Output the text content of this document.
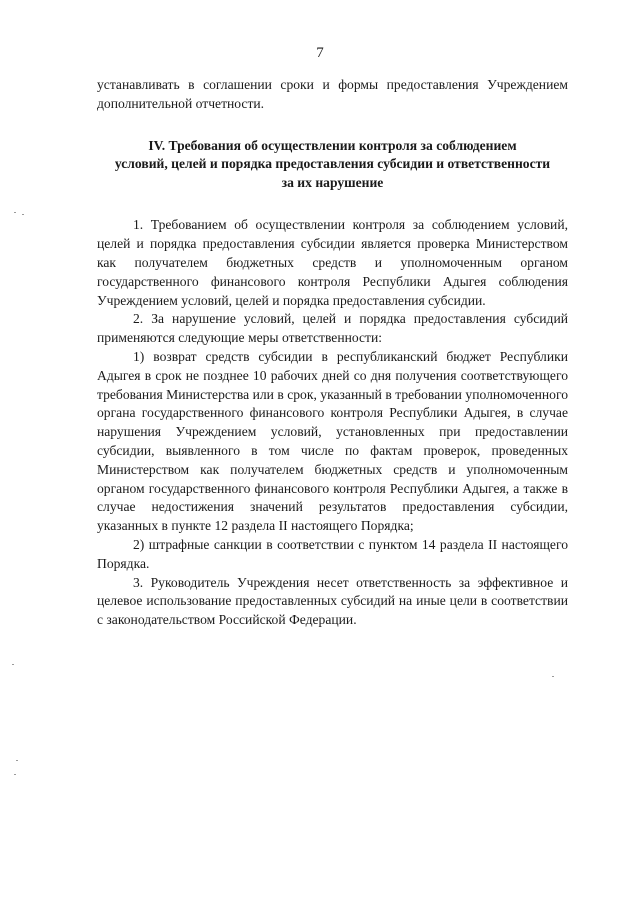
7

устанавливать в соглашении сроки и формы предоставления Учреждением дополнительной отчетности.

IV. Требования об осуществлении контроля за соблюдением
условий, целей и порядка предоставления субсидии и ответственности
за их нарушение

1. Требованием об осуществлении контроля за соблюдением условий, целей и порядка предоставления субсидии является проверка Министерством как получателем бюджетных средств и уполномоченным органом государственного финансового контроля Республики Адыгея соблюдения Учреждением условий, целей и порядка предоставления субсидии.

2. За нарушение условий, целей и порядка предоставления субсидий применяются следующие меры ответственности:

1) возврат средств субсидии в республиканский бюджет Республики Адыгея в срок не позднее 10 рабочих дней со дня получения соответствующего требования Министерства или в срок, указанный в требовании уполномоченного органа государственного финансового контроля Республики Адыгея, в случае нарушения Учреждением условий, установленных при предоставлении субсидии, выявленного в том числе по фактам проверок, проведенных Министерством как получателем бюджетных средств и уполномоченным органом государственного финансового контроля Республики Адыгея, а также в случае недостижения значений результатов предоставления субсидии, указанных в пункте 12 раздела II настоящего Порядка;

2) штрафные санкции в соответствии с пунктом 14 раздела II настоящего Порядка.

3. Руководитель Учреждения несет ответственность за эффективное и целевое использование предоставленных субсидий на иные цели в соответствии с законодательством Российской Федерации.
